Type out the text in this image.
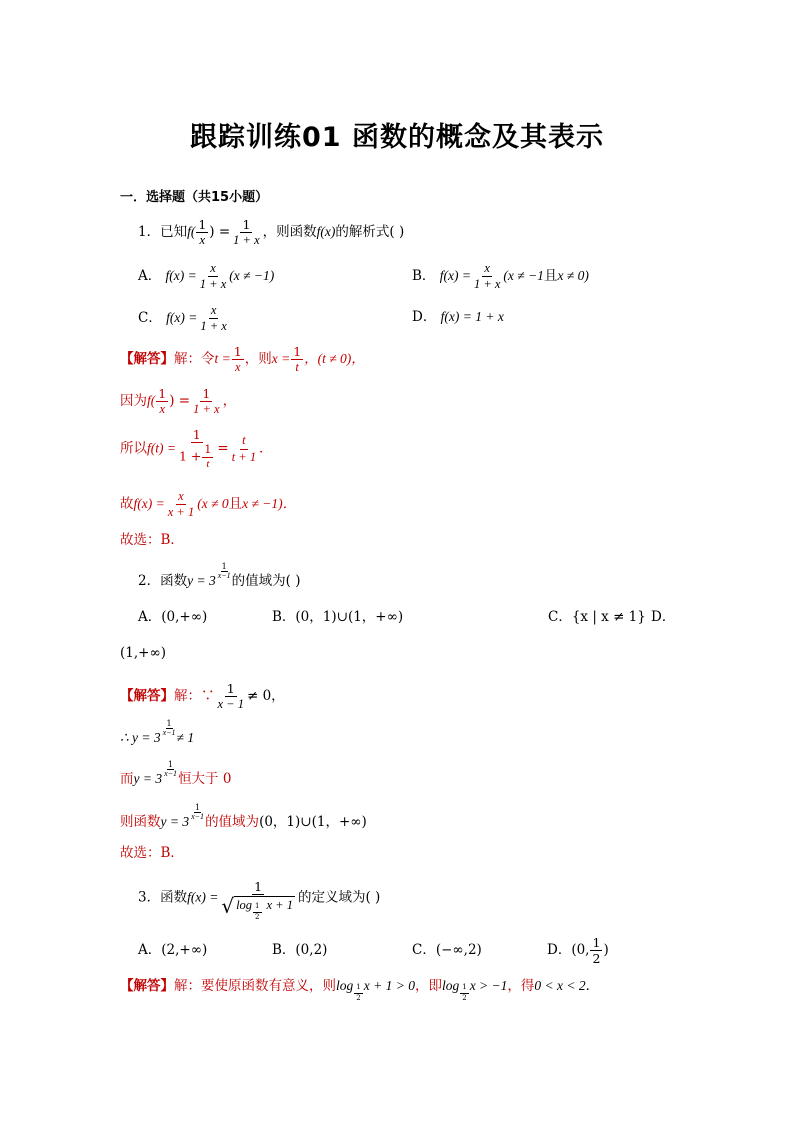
跟踪训练01 函数的概念及其表示
一．选择题（共15小题）
1．已知$f( \frac{1}{x}$ ) = $\frac{1}{1 + x}$ ，则函数f(x)的解析式( )
A． $f(x) = \frac{x}{1 + x} (x \ne -1)$	B． $f(x) = \frac{x}{1 + x} (x \ne -1$且x ≠ 0)
C． $f(x) = \frac{x}{1 + x}$	D． f(x) = 1 + x
【解答】解：令$t = \frac{1}{x}$ ，则$x = \frac{1}{t}$ ，(t ≠ 0)，
因为$f( \frac{1}{x}$ ) = $\frac{1}{1 + x}$ ，
所以$f(t) = \frac{1}{1 + \frac{1}{t}} = \frac{t}{t + 1}$ ．
故$f(x) = \frac{x}{x + 1} (x \ne 0$且x ≠ −1)．
故选：B．
2．函数y = 3
$\frac{1}{x-1}$
的值域为( )
A．(0,+∞)	B．(0，1)∪(1，+∞)	C．{x | x ≠ 1} D．
(1,+∞)
【解答】解：∵ $\frac{1}{x - 1} \ne 0$，
∴ y = 3
$\frac{1}{x-1}$
≠ 1
而y = 3
$\frac{1}{x-1}$
恒大于 0
则函数y = 3
$\frac{1}{x-1}$
的值域为(0，1)∪(1，+∞)
故选：B．
3．函数f(x) = 1
√ log $_{\frac{1}{2}}$ x + 1 的定义域为( )
A．(2,+∞)	B．(0,2)	C．(−∞,2)	D．(0, $\frac{1}{2}$ )
【解答】解：要使原函数有意义，则log $_{\frac{1}{2}}$ x + 1 > 0，即log $_{\frac{1}{2}}$ x > −1，得0 < x < 2．
